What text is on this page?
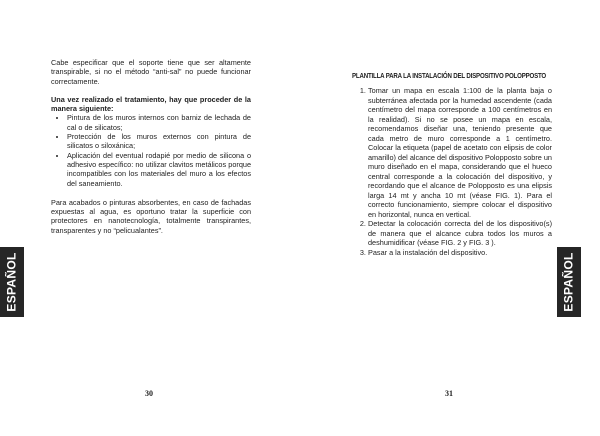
Cabe especificar que el soporte tiene que ser altamente transpirable, si no el método “anti-sal” no puede funcionar correctamente.

Una vez realizado el tratamiento, hay que proceder de la manera siguiente:

• Pintura de los muros internos con barniz de lechada de cal o de silicatos;
• Protección de los muros externos con pintura de silicatos o siloxánica;
• Aplicación del eventual rodapié por medio de silicona o adhesivo específico: no utilizar clavitos metálicos porque incompatibles con los materiales del muro a los efectos del saneamiento.

Para acabados o pinturas absorbentes, en caso de fachadas expuestas al agua, es oportuno tratar la superficie con protectores en nanotecnología, totalmente transpirantes, transparentes y no “pelicualantes”.

ESPAÑOL
30
PLANTILLA PARA LA INSTALACIÓN DEL DISPOSITIVO POLOPPOSTO
1. Tomar un mapa en escala 1:100 de la planta baja o subterránea afectada por la humedad ascendente (cada centímetro del mapa corresponde a 100 centímetros en la realidad). Si no se posee un mapa en escala, recomendamos diseñar una, teniendo presente que cada metro de muro corresponde a 1 centímetro. Colocar la etiqueta (papel de acetato con elipsis de color amarillo) del alcance del dispositivo Polopposto sobre un muro diseñado en el mapa, considerando que el hueco central corresponde a la colocación del dispositivo, y recordando que el alcance de Polopposto es una elipsis larga 14 mt y ancha 10 mt (véase FIG. 1). Para el correcto funcionamiento, siempre colocar el dispositivo en horizontal, nunca en vertical.
2. Detectar la colocación correcta del de los dispositivo(s) de manera que el alcance cubra todos los muros a deshumidificar (véase FIG. 2 y FIG. 3 ).
3. Pasar a la instalación del dispositivo.
ESPAÑOL
31
